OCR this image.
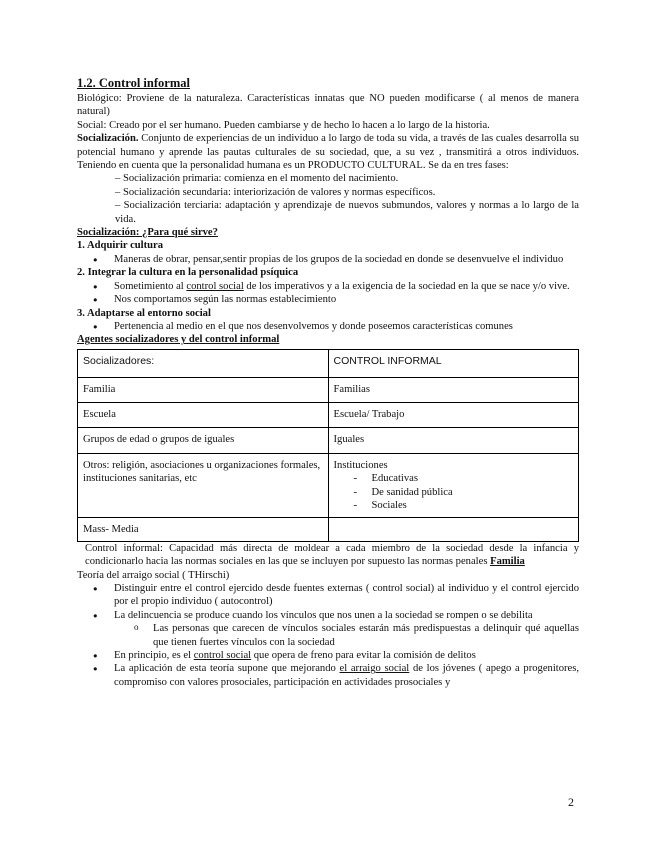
1.2. Control informal

Biológico: Proviene de la naturaleza. Características innatas que NO pueden modificarse ( al menos de manera natural)

Social: Creado por el ser humano. Pueden cambiarse y de hecho lo hacen a lo largo de la historia.

Socialización. Conjunto de experiencias de un individuo a lo largo de toda su vida, a través de las cuales desarrolla su potencial humano y aprende las pautas culturales de su sociedad, que, a su vez , transmitirá a otros individuos. Teniendo en cuenta que la personalidad humana es un PRODUCTO CULTURAL. Se da en tres fases:

– Socialización primaria: comienza en el momento del nacimiento.

– Socialización secundaria: interiorización de valores y normas específicos.

– Socialización terciaria: adaptación y aprendizaje de nuevos submundos, valores y normas a lo largo de la vida.

Socialización: ¿Para qué sirve?

1. Adquirir cultura

● Maneras de obrar, pensar,sentir propias de los grupos de la sociedad en donde se desenvuelve el individuo

2. Integrar la cultura en la personalidad psíquica

● Sometimiento al control social de los imperativos y a la exigencia de la sociedad en la que se nace y/o vive.
● Nos comportamos según las normas establecimiento

3. Adaptarse al entorno social

● Pertenencia al medio en el que nos desenvolvemos y donde poseemos características comunes

Agentes socializadores y del control informal

Socializadores:	CONTROL INFORMAL
Familia	Familias
Escuela	Escuela/ Trabajo
Grupos de edad o grupos de iguales	Iguales
Otros: religión, asociaciones u organizaciones formales, instituciones sanitarias, etc	Instituciones
- Educativas
- De sanidad pública
- Sociales

Mass- Media	

Control informal: Capacidad más directa de moldear a cada miembro de la sociedad desde la infancia y condicionarlo hacia las normas sociales en las que se incluyen por supuesto las normas penales Familia

Teoría del arraigo social ( THirschi)

● Distinguir entre el control ejercido desde fuentes externas ( control social) al individuo y el control ejercido por el propio individuo ( autocontrol)
● La delincuencia se produce cuando los vínculos que nos unen a la sociedad se rompen o se debilita
o Las personas que carecen de vínculos sociales estarán más predispuestas a delinquir qué aquellas que tienen fuertes vínculos con la sociedad
● En principio, es el control social que opera de freno para evitar la comisión de delitos
● La aplicación de esta teoría supone que mejorando el arraigo social de los jóvenes ( apego a progenitores, compromiso con valores prosociales, participación en actividades prosociales y
2
